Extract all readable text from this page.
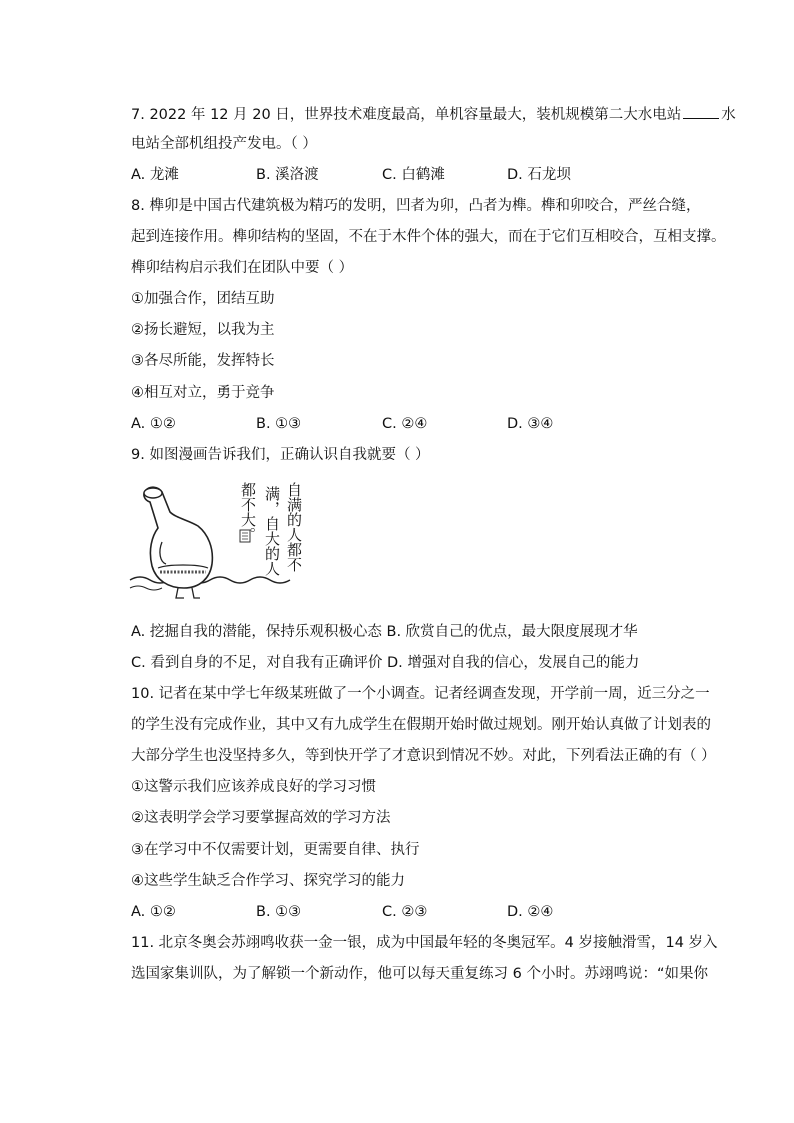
7. 2022 年 12 月 20 日，世界技术难度最高，单机容量最大，装机规模第二大水电站	水
电站全部机组投产发电。（ ）
A. 龙滩	B. 溪洛渡	C. 白鹤滩	D. 石龙坝
8. 榫卯是中国古代建筑极为精巧的发明，凹者为卯，凸者为榫。榫和卯咬合，严丝合缝，
起到连接作用。榫卯结构的坚固，不在于木件个体的强大，而在于它们互相咬合，互相支撑。
榫卯结构启示我们在团队中要（ ）
①加强合作，团结互助
②扬长避短，以我为主
③各尽所能，发挥特长
④相互对立，勇于竞争
A. ①②	B. ①③	C. ②④	D. ③④
9. 如图漫画告诉我们，正确认识自我就要（ ）
自满的人都不
满，自大的人
都不大。
A. 挖掘自我的潜能，保持乐观积极心态 B. 欣赏自己的优点，最大限度展现才华
C. 看到自身的不足，对自我有正确评价 D. 增强对自我的信心，发展自己的能力
10. 记者在某中学七年级某班做了一个小调查。记者经调查发现，开学前一周，近三分之一
的学生没有完成作业，其中又有九成学生在假期开始时做过规划。刚开始认真做了计划表的
大部分学生也没坚持多久，等到快开学了才意识到情况不妙。对此，下列看法正确的有（ ）
①这警示我们应该养成良好的学习习惯
②这表明学会学习要掌握高效的学习方法
③在学习中不仅需要计划，更需要自律、执行
④这些学生缺乏合作学习、探究学习的能力
A. ①②	B. ①③	C. ②③	D. ②④
11. 北京冬奥会苏翊鸣收获一金一银，成为中国最年轻的冬奥冠军。4 岁接触滑雪，14 岁入
选国家集训队，为了解锁一个新动作，他可以每天重复练习 6 个小时。苏翊鸣说：“如果你
